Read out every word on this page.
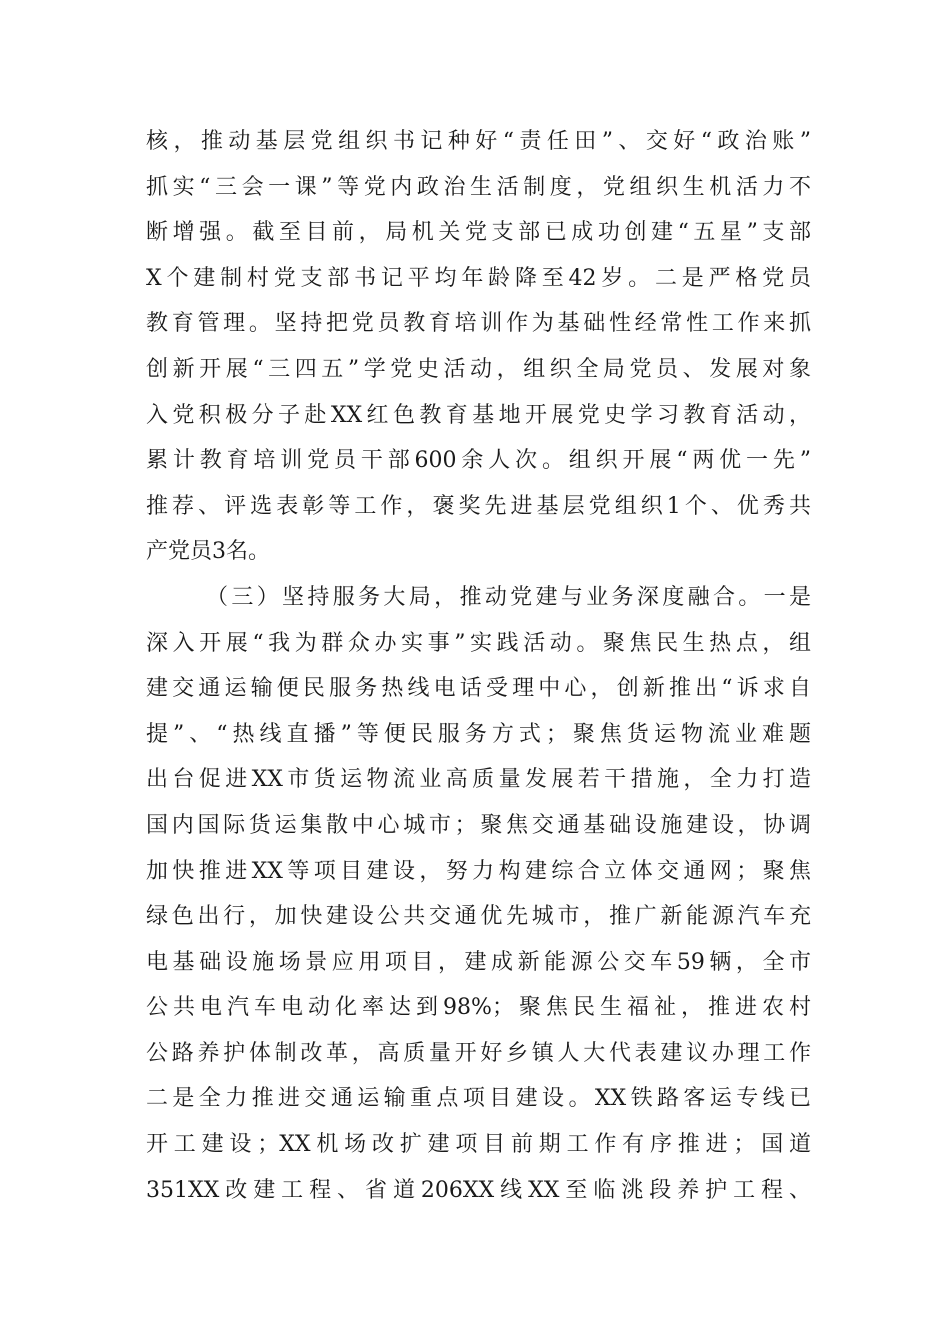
核，推动基层党组织书记种好“责任田”、交好“政治账”
抓实“三会一课”等党内政治生活制度，党组织生机活力不
断增强。截至目前，局机关党支部已成功创建“五星”支部
X个建制村党支部书记平均年龄降至42岁。二是严格党员
教育管理。坚持把党员教育培训作为基础性经常性工作来抓
创新开展“三四五”学党史活动，组织全局党员、发展对象
入党积极分子赴XX红色教育基地开展党史学习教育活动，
累计教育培训党员干部600余人次。组织开展“两优一先”
推荐、评选表彰等工作，褒奖先进基层党组织1个、优秀共
产党员3名。
（三）坚持服务大局，推动党建与业务深度融合。一是
深入开展“我为群众办实事”实践活动。聚焦民生热点，组
建交通运输便民服务热线电话受理中心，创新推出“诉求自
提”、“热线直播”等便民服务方式；聚焦货运物流业难题
出台促进XX市货运物流业高质量发展若干措施，全力打造
国内国际货运集散中心城市；聚焦交通基础设施建设，协调
加快推进XX等项目建设，努力构建综合立体交通网；聚焦
绿色出行，加快建设公共交通优先城市，推广新能源汽车充
电基础设施场景应用项目，建成新能源公交车59辆，全市
公共电汽车电动化率达到98%；聚焦民生福祉，推进农村
公路养护体制改革，高质量开好乡镇人大代表建议办理工作
二是全力推进交通运输重点项目建设。XX铁路客运专线已
开工建设；XX机场改扩建项目前期工作有序推进；国道
351XX改建工程、省道206XX线XX至临洮段养护工程、
